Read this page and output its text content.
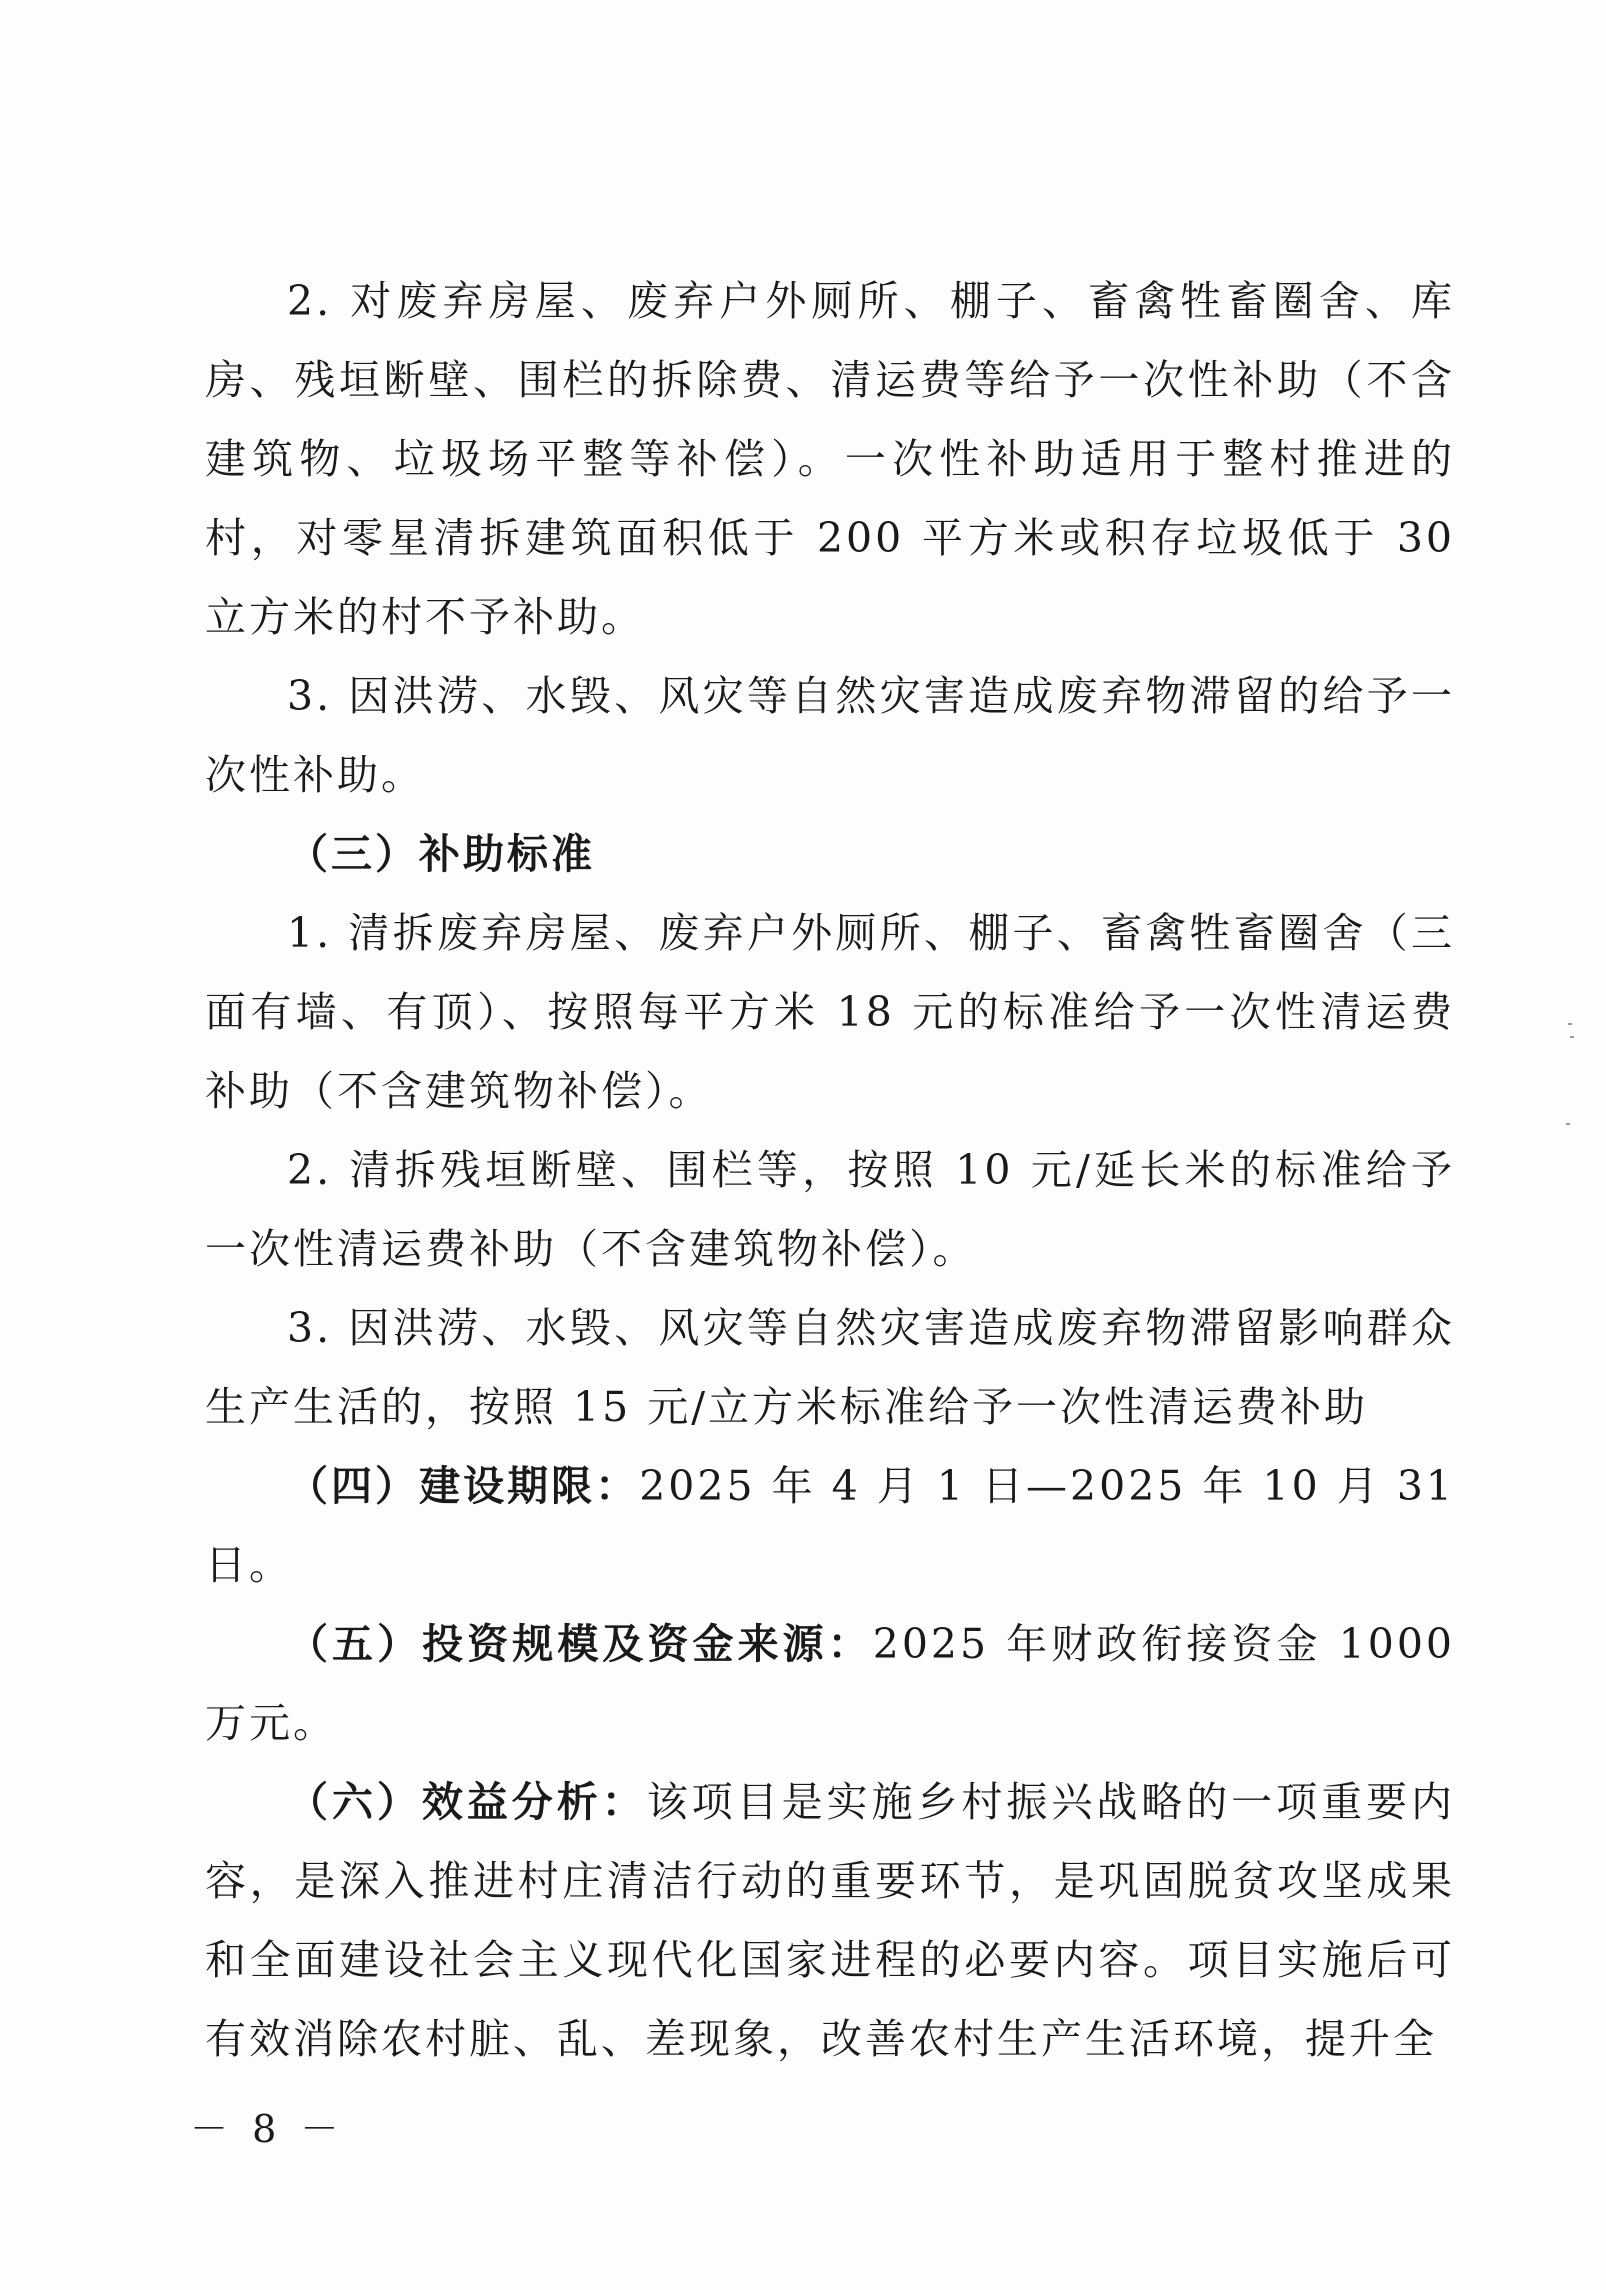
2. 对废弃房屋、废弃户外厕所、棚子、畜禽牲畜圈舍、库房、残垣断壁、围栏的拆除费、清运费等给予一次性补助（不含建筑物、垃圾场平整等补偿）。一次性补助适用于整村推进的村，对零星清拆建筑面积低于 200 平方米或积存垃圾低于 30 立方米的村不予补助。

3. 因洪涝、水毁、风灾等自然灾害造成废弃物滞留的给予一次性补助。

（三）补助标准

1. 清拆废弃房屋、废弃户外厕所、棚子、畜禽牲畜圈舍（三面有墙、有顶）、按照每平方米 18 元的标准给予一次性清运费补助（不含建筑物补偿）。

2. 清拆残垣断壁、围栏等，按照 10 元/延长米的标准给予一次性清运费补助（不含建筑物补偿）。

3. 因洪涝、水毁、风灾等自然灾害造成废弃物滞留影响群众生产生活的，按照 15 元/立方米标准给予一次性清运费补助

（四）建设期限：2025 年 4 月 1 日—2025 年 10 月 31 日。

（五）投资规模及资金来源：2025 年财政衔接资金 1000 万元。

（六）效益分析：该项目是实施乡村振兴战略的一项重要内容，是深入推进村庄清洁行动的重要环节，是巩固脱贫攻坚成果和全面建设社会主义现代化国家进程的必要内容。项目实施后可有效消除农村脏、乱、差现象，改善农村生产生活环境，提升全

－ 8 －
